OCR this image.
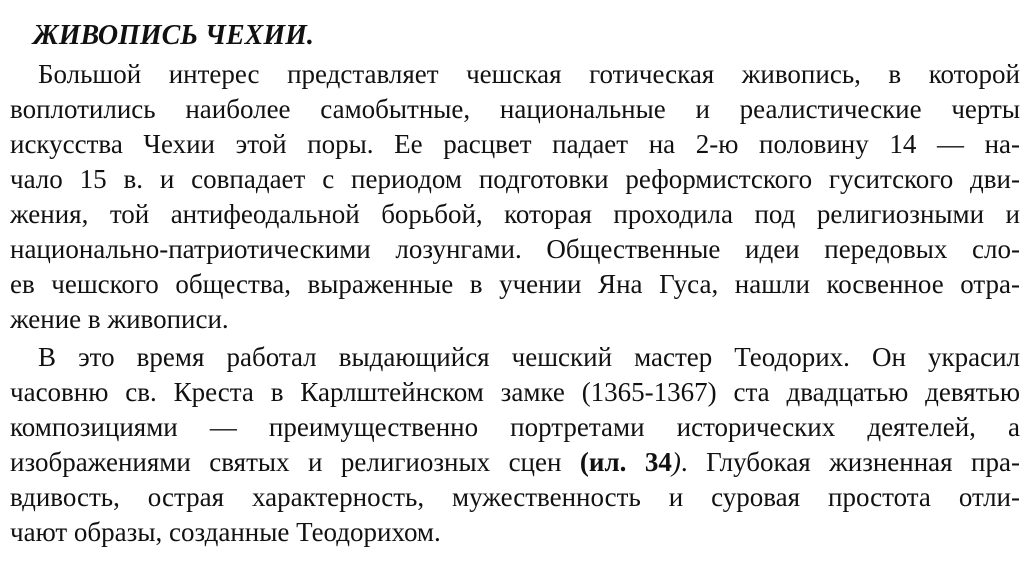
ЖИВОПИСЬ ЧЕХИИ.
Большой интерес представляет чешская готическая живопись, в которой
воплотились наиболее самобытные, национальные и реалистические черты
искусства Чехии этой поры. Ее расцвет падает на 2-ю половину 14 — на-
чало 15 в. и совпадает с периодом подготовки реформистского гуситского дви-
жения, той антифеодальной борьбой, которая проходила под религиозными и
национально-патриотическими лозунгами. Общественные идеи передовых сло-
ев чешского общества, выраженные в учении Яна Гуса, нашли косвенное отра-
жение в живописи.
В это время работал выдающийся чешский мастер Теодорих. Он украсил
часовню св. Креста в Карлштейнском замке (1365-1367) ста двадцатью девятью
композициями — преимущественно портретами исторических деятелей, а
изображениями святых и религиозных сцен (ил. 34). Глубокая жизненная пра-
вдивость, острая характерность, мужественность и суровая простота отли-
чают образы, созданные Теодорихом.
